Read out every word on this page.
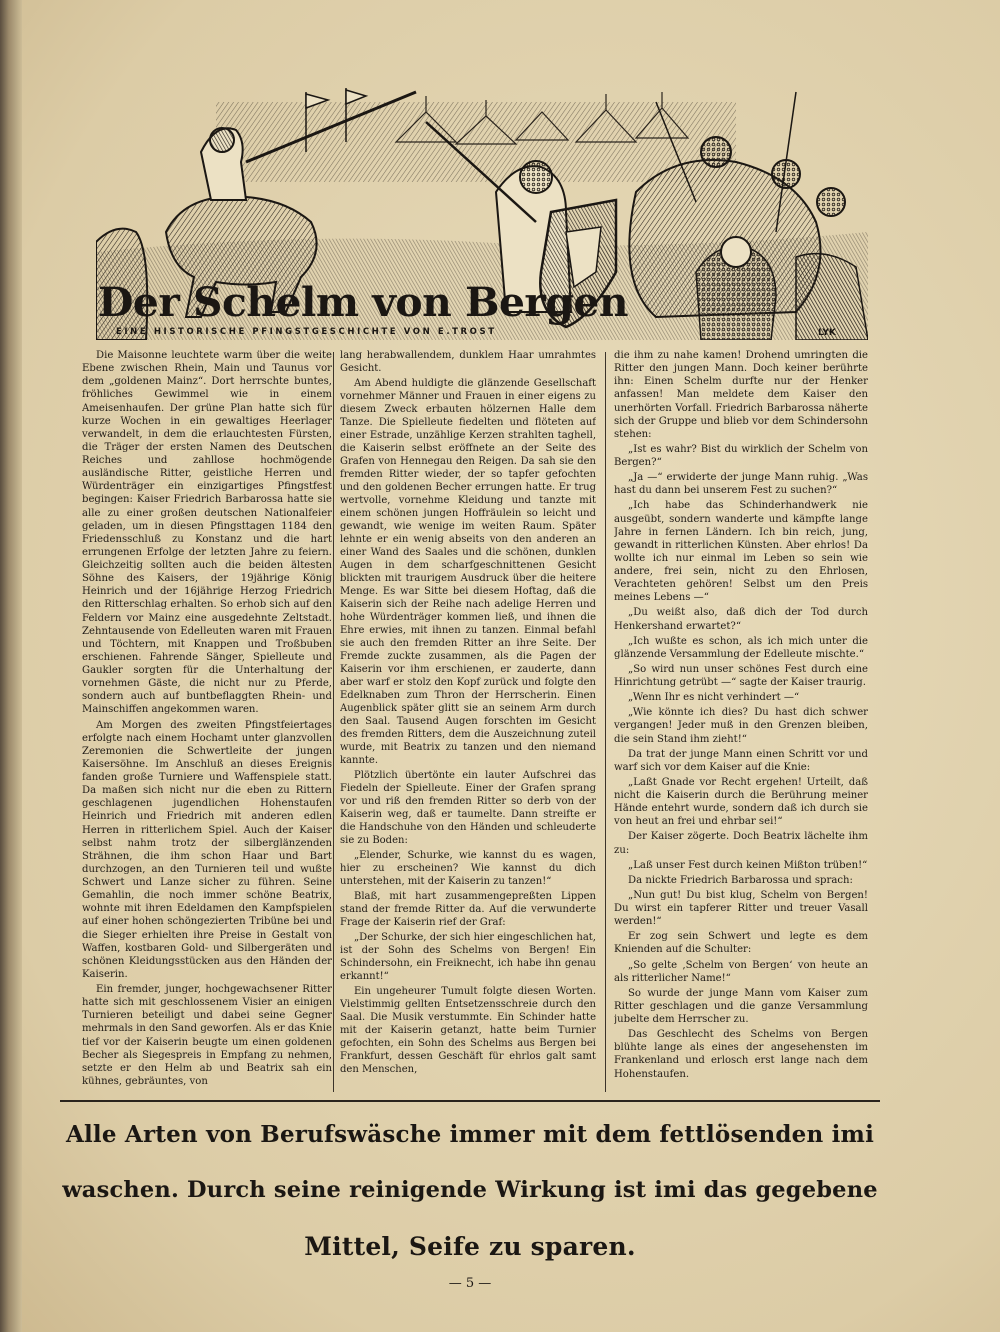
Der Schelm von Bergen
EINE HISTORISCHE PFINGSTGESCHICHTE VON E.TROST	LYK

Die Maisonne leuchtete warm über die weite Ebene zwischen Rhein, Main und Taunus vor dem „goldenen Mainz“. Dort herrschte buntes, fröhliches Gewimmel wie in einem Ameisenhaufen. Der grüne Plan hatte sich für kurze Wochen in ein gewaltiges Heerlager verwandelt, in dem die erlauchtesten Fürsten, die Träger der ersten Namen des Deutschen Reiches und zahllose hochmögende ausländische Ritter, geistliche Herren und Würdenträger ein einzigartiges Pfingstfest begingen: Kaiser Friedrich Barbarossa hatte sie alle zu einer großen deutschen Nationalfeier geladen, um in diesen Pfingsttagen 1184 den Friedensschluß zu Konstanz und die hart errungenen Erfolge der letzten Jahre zu feiern. Gleichzeitig sollten auch die beiden ältesten Söhne des Kaisers, der 19jährige König Heinrich und der 16jährige Herzog Friedrich den Ritterschlag erhalten. So erhob sich auf den Feldern vor Mainz eine ausgedehnte Zeltstadt. Zehntausende von Edelleuten waren mit Frauen und Töchtern, mit Knappen und Troßbuben erschienen. Fahrende Sänger, Spielleute und Gaukler sorgten für die Unterhaltung der vornehmen Gäste, die nicht nur zu Pferde, sondern auch auf buntbeflaggten Rhein- und Mainschiffen angekommen waren.

Am Morgen des zweiten Pfingstfeiertages erfolgte nach einem Hochamt unter glanzvollen Zeremonien die Schwertleite der jungen Kaisersöhne. Im Anschluß an dieses Ereignis fanden große Turniere und Waffenspiele statt. Da maßen sich nicht nur die eben zu Rittern geschlagenen jugendlichen Hohenstaufen Heinrich und Friedrich mit anderen edlen Herren in ritterlichem Spiel. Auch der Kaiser selbst nahm trotz der silberglänzenden Strähnen, die ihm schon Haar und Bart durchzogen, an den Turnieren teil und wußte Schwert und Lanze sicher zu führen. Seine Gemahlin, die noch immer schöne Beatrix, wohnte mit ihren Edeldamen den Kampfspielen auf einer hohen schöngezierten Tribüne bei und die Sieger erhielten ihre Preise in Gestalt von Waffen, kostbaren Gold- und Silbergeräten und schönen Kleidungsstücken aus den Händen der Kaiserin.

Ein fremder, junger, hochgewachsener Ritter hatte sich mit geschlossenem Visier an einigen Turnieren beteiligt und dabei seine Gegner mehrmals in den Sand geworfen. Als er das Knie tief vor der Kaiserin beugte um einen goldenen Becher als Siegespreis in Empfang zu nehmen, setzte er den Helm ab und Beatrix sah ein kühnes, gebräuntes, von

lang herabwallendem, dunklem Haar umrahmtes Gesicht.

Am Abend huldigte die glänzende Gesellschaft vornehmer Männer und Frauen in einer eigens zu diesem Zweck erbauten hölzernen Halle dem Tanze. Die Spielleute fiedelten und flöteten auf einer Estrade, unzählige Kerzen strahlten taghell, die Kaiserin selbst eröffnete an der Seite des Grafen von Hennegau den Reigen. Da sah sie den fremden Ritter wieder, der so tapfer gefochten und den goldenen Becher errungen hatte. Er trug wertvolle, vornehme Kleidung und tanzte mit einem schönen jungen Hoffräulein so leicht und gewandt, wie wenige im weiten Raum. Später lehnte er ein wenig abseits von den anderen an einer Wand des Saales und die schönen, dunklen Augen in dem scharfgeschnittenen Gesicht blickten mit traurigem Ausdruck über die heitere Menge. Es war Sitte bei diesem Hoftag, daß die Kaiserin sich der Reihe nach adelige Herren und hohe Würdenträger kommen ließ, und ihnen die Ehre erwies, mit ihnen zu tanzen. Einmal befahl sie auch den fremden Ritter an ihre Seite. Der Fremde zuckte zusammen, als die Pagen der Kaiserin vor ihm erschienen, er zauderte, dann aber warf er stolz den Kopf zurück und folgte den Edelknaben zum Thron der Herrscherin. Einen Augenblick später glitt sie an seinem Arm durch den Saal. Tausend Augen forschten im Gesicht des fremden Ritters, dem die Auszeichnung zuteil wurde, mit Beatrix zu tanzen und den niemand kannte.

Plötzlich übertönte ein lauter Aufschrei das Fiedeln der Spielleute. Einer der Grafen sprang vor und riß den fremden Ritter so derb von der Kaiserin weg, daß er taumelte. Dann streifte er die Handschuhe von den Händen und schleuderte sie zu Boden:

„Elender, Schurke, wie kannst du es wagen, hier zu erscheinen? Wie kannst du dich unterstehen, mit der Kaiserin zu tanzen!“

Blaß, mit hart zusammengepreßten Lippen stand der fremde Ritter da. Auf die verwunderte Frage der Kaiserin rief der Graf:

„Der Schurke, der sich hier eingeschlichen hat, ist der Sohn des Schelms von Bergen! Ein Schindersohn, ein Freiknecht, ich habe ihn genau erkannt!“

Ein ungeheurer Tumult folgte diesen Worten. Vielstimmig gellten Entsetzensschreie durch den Saal. Die Musik verstummte. Ein Schinder hatte mit der Kaiserin getanzt, hatte beim Turnier gefochten, ein Sohn des Schelms aus Bergen bei Frankfurt, dessen Geschäft für ehrlos galt samt den Menschen,

die ihm zu nahe kamen! Drohend umringten die Ritter den jungen Mann. Doch keiner berührte ihn: Einen Schelm durfte nur der Henker anfassen! Man meldete dem Kaiser den unerhörten Vorfall. Friedrich Barbarossa näherte sich der Gruppe und blieb vor dem Schindersohn stehen:

„Ist es wahr? Bist du wirklich der Schelm von Bergen?“

„Ja —“ erwiderte der junge Mann ruhig. „Was hast du dann bei unserem Fest zu suchen?“

„Ich habe das Schinderhandwerk nie ausgeübt, sondern wanderte und kämpfte lange Jahre in fernen Ländern. Ich bin reich, jung, gewandt in ritterlichen Künsten. Aber ehrlos! Da wollte ich nur einmal im Leben so sein wie andere, frei sein, nicht zu den Ehrlosen, Verachteten gehören! Selbst um den Preis meines Lebens —“

„Du weißt also, daß dich der Tod durch Henkershand erwartet?“

„Ich wußte es schon, als ich mich unter die glänzende Versammlung der Edelleute mischte.“

„So wird nun unser schönes Fest durch eine Hinrichtung getrübt —“ sagte der Kaiser traurig.

„Wenn Ihr es nicht verhindert —“

„Wie könnte ich dies? Du hast dich schwer vergangen! Jeder muß in den Grenzen bleiben, die sein Stand ihm zieht!“

Da trat der junge Mann einen Schritt vor und warf sich vor dem Kaiser auf die Knie:

„Laßt Gnade vor Recht ergehen! Urteilt, daß nicht die Kaiserin durch die Berührung meiner Hände entehrt wurde, sondern daß ich durch sie von heut an frei und ehrbar sei!“

Der Kaiser zögerte. Doch Beatrix lächelte ihm zu:

„Laß unser Fest durch keinen Mißton trüben!“

Da nickte Friedrich Barbarossa und sprach:

„Nun gut! Du bist klug, Schelm von Bergen! Du wirst ein tapferer Ritter und treuer Vasall werden!“

Er zog sein Schwert und legte es dem Knienden auf die Schulter:

„So gelte ‚Schelm von Bergen‘ von heute an als ritterlicher Name!“

So wurde der junge Mann vom Kaiser zum Ritter geschlagen und die ganze Versammlung jubelte dem Herrscher zu.

Das Geschlecht des Schelms von Bergen blühte lange als eines der angesehensten im Frankenland und erlosch erst lange nach dem Hohenstaufen.

Alle Arten von Berufswäsche immer mit dem fettlösenden imi
waschen. Durch seine reinigende Wirkung ist imi das gegebene
Mittel, Seife zu sparen.
— 5 —
